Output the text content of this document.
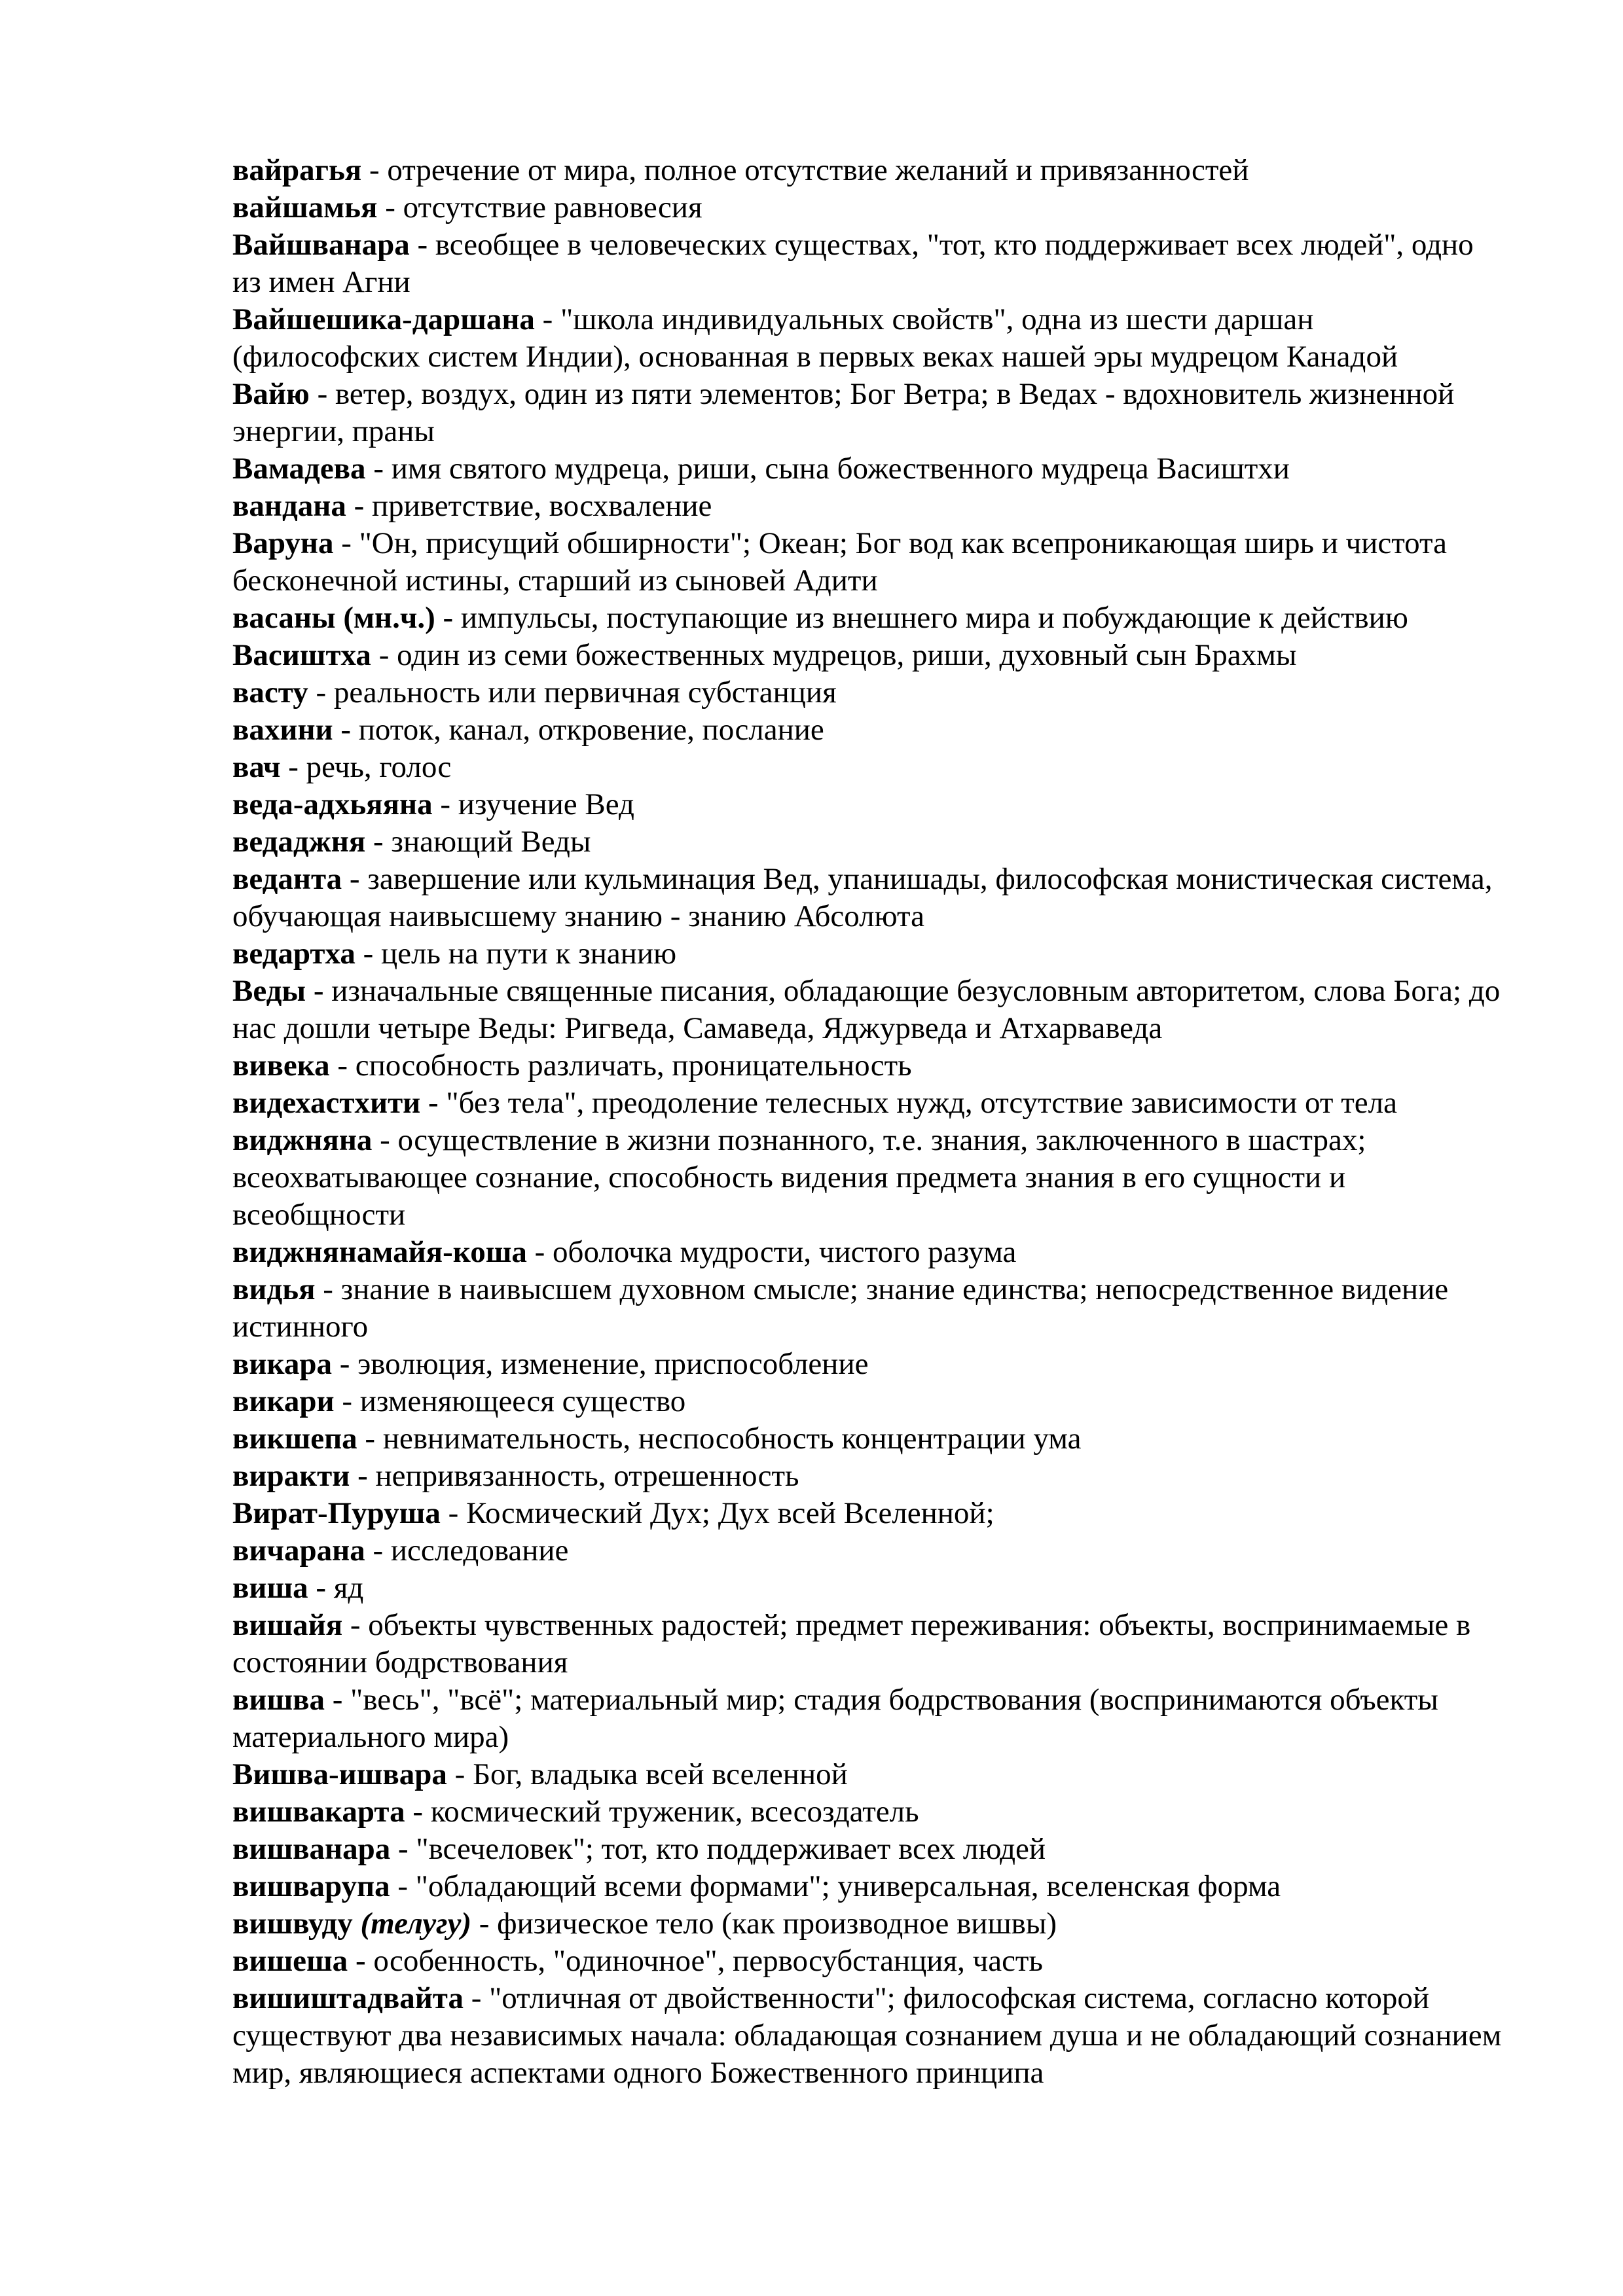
вайрагья - отречение от мира, полное отсутствие желаний и привязанностей

вайшамья - отсутствие равновесия

Вайшванара - всеобщее в человеческих существах, "тот, кто поддерживает всех людей", одно из имен Агни

Вайшешика-даршана - "школа индивидуальных свойств", одна из шести даршан (философских систем Индии), основанная в первых веках нашей эры мудрецом Канадой

Вайю - ветер, воздух, один из пяти элементов; Бог Ветра; в Ведах - вдохновитель жизненной энергии, праны

Вамадева - имя святого мудреца, риши, сына божественного мудреца Васиштхи

вандана - приветствие, восхваление

Варуна - "Он, присущий обширности"; Океан; Бог вод как всепроникающая ширь и чистота бесконечной истины, старший из сыновей Адити

васаны (мн.ч.) - импульсы, поступающие из внешнего мира и побуждающие к действию

Васиштха - один из семи божественных мудрецов, риши, духовный сын Брахмы

васту - реальность или первичная субстанция

вахини - поток, канал, откровение, послание

вач - речь, голос

веда-адхьяяна - изучение Вед

ведаджня - знающий Веды

веданта - завершение или кульминация Вед, упанишады, философская монистическая система, обучающая наивысшему знанию - знанию Абсолюта

ведартха - цель на пути к знанию

Веды - изначальные священные писания, обладающие безусловным авторитетом, слова Бога; до нас дошли четыре Веды: Ригведа, Самаведа, Яджурведа и Атхарваведа

вивека - способность различать, проницательность

видехастхити - "без тела", преодоление телесных нужд, отсутствие зависимости от тела

виджняна - осуществление в жизни познанного, т.е. знания, заключенного в шастрах; всеохватывающее сознание, способность видения предмета знания в его сущности и всеобщности

виджнянамайя-коша - оболочка мудрости, чистого разума

видья - знание в наивысшем духовном смысле; знание единства; непосредственное видение истинного

викара - эволюция, изменение, приспособление

викари - изменяющееся существо

викшепа - невнимательность, неспособность концентрации ума

виракти - непривязанность, отрешенность

Вират-Пуруша - Космический Дух; Дух всей Вселенной;

вичарана - исследование

виша - яд

вишайя - объекты чувственных радостей; предмет переживания: объекты, воспринимаемые в состоянии бодрствования

вишва - "весь", "всё"; материальный мир; стадия бодрствования (воспринимаются объекты материального мира)

Вишва-ишвара - Бог, владыка всей вселенной

вишвакарта - космический труженик, всесоздатель

вишванара - "всечеловек"; тот, кто поддерживает всех людей

вишварупа - "обладающий всеми формами"; универсальная, вселенская форма

вишвуду (телугу) - физическое тело (как производное вишвы)

вишеша - особенность, "одиночное", первосубстанция, часть

вишиштадвайта - "отличная от двойственности"; философская система, согласно которой существуют два независимых начала: обладающая сознанием душа и не обладающий сознанием мир, являющиеся аспектами одного Божественного принципа
